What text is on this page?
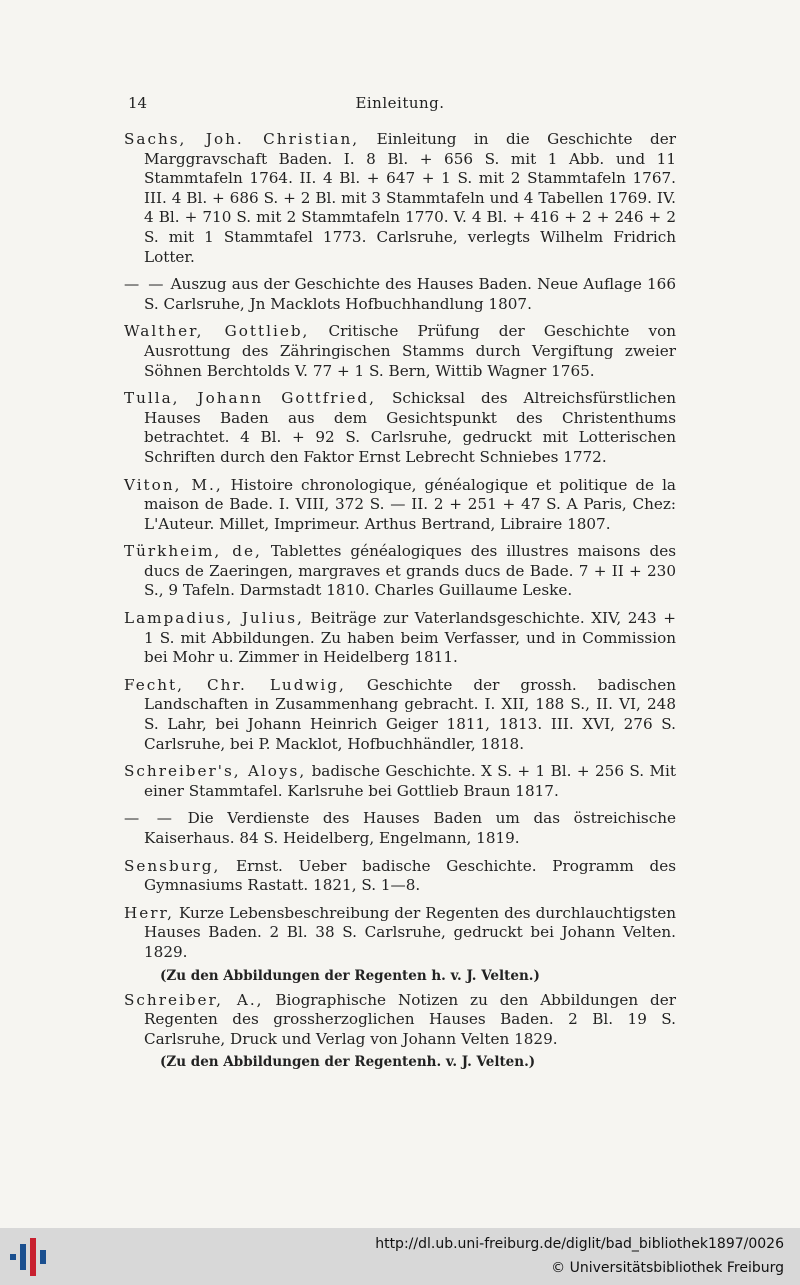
14	Einleitung.
Sachs, Joh. Christian, Einleitung in die Geschichte der Marggravschaft Baden. I. 8 Bl. + 656 S. mit 1 Abb. und 11 Stammtafeln 1764. II. 4 Bl. + 647 + 1 S. mit 2 Stammtafeln 1767. III. 4 Bl. + 686 S. + 2 Bl. mit 3 Stammtafeln und 4 Tabellen 1769. IV. 4 Bl. + 710 S. mit 2 Stammtafeln 1770. V. 4 Bl. + 416 + 2 + 246 + 2 S. mit 1 Stammtafel 1773. Carlsruhe, verlegts Wilhelm Fridrich Lotter.
— — Auszug aus der Geschichte des Hauses Baden. Neue Auflage 166 S. Carlsruhe, Jn Macklots Hofbuchhandlung 1807.
Walther, Gottlieb, Critische Prüfung der Geschichte von Ausrottung des Zähringischen Stamms durch Vergiftung zweier Söhnen Berchtolds V. 77 + 1 S. Bern, Wittib Wagner 1765.
Tulla, Johann Gottfried, Schicksal des Altreichsfürstlichen Hauses Baden aus dem Gesichtspunkt des Christenthums betrachtet. 4 Bl. + 92 S. Carlsruhe, gedruckt mit Lotterischen Schriften durch den Faktor Ernst Lebrecht Schniebes 1772.
Viton, M., Histoire chronologique, généalogique et politique de la maison de Bade. I. VIII, 372 S. — II. 2 + 251 + 47 S. A Paris, Chez: L'Auteur. Millet, Imprimeur. Arthus Bertrand, Libraire 1807.
Türkheim, de, Tablettes généalogiques des illustres maisons des ducs de Zaeringen, margraves et grands ducs de Bade. 7 + II + 230 S., 9 Tafeln. Darmstadt 1810. Charles Guillaume Leske.
Lampadius, Julius, Beiträge zur Vaterlandsgeschichte. XIV, 243 + 1 S. mit Abbildungen. Zu haben beim Verfasser, und in Commission bei Mohr u. Zimmer in Heidelberg 1811.
Fecht, Chr. Ludwig, Geschichte der grossh. badischen Landschaften in Zusammenhang gebracht. I. XII, 188 S., II. VI, 248 S. Lahr, bei Johann Heinrich Geiger 1811, 1813. III. XVI, 276 S. Carlsruhe, bei P. Macklot, Hofbuchhändler, 1818.
Schreiber's, Aloys, badische Geschichte. X S. + 1 Bl. + 256 S. Mit einer Stammtafel. Karlsruhe bei Gottlieb Braun 1817.
— — Die Verdienste des Hauses Baden um das östreichische Kaiserhaus. 84 S. Heidelberg, Engelmann, 1819.
Sensburg, Ernst. Ueber badische Geschichte. Programm des Gymnasiums Rastatt. 1821, S. 1—8.
Herr, Kurze Lebensbeschreibung der Regenten des durchlauchtigsten Hauses Baden. 2 Bl. 38 S. Carlsruhe, gedruckt bei Johann Velten. 1829.
(Zu den Abbildungen der Regenten h. v. J. Velten.)
Schreiber, A., Biographische Notizen zu den Abbildungen der Regenten des grossherzoglichen Hauses Baden. 2 Bl. 19 S. Carlsruhe, Druck und Verlag von Johann Velten 1829.
(Zu den Abbildungen der Regentenh. v. J. Velten.)
http://dl.ub.uni-freiburg.de/diglit/bad_bibliothek1897/0026
© Universitätsbibliothek Freiburg
